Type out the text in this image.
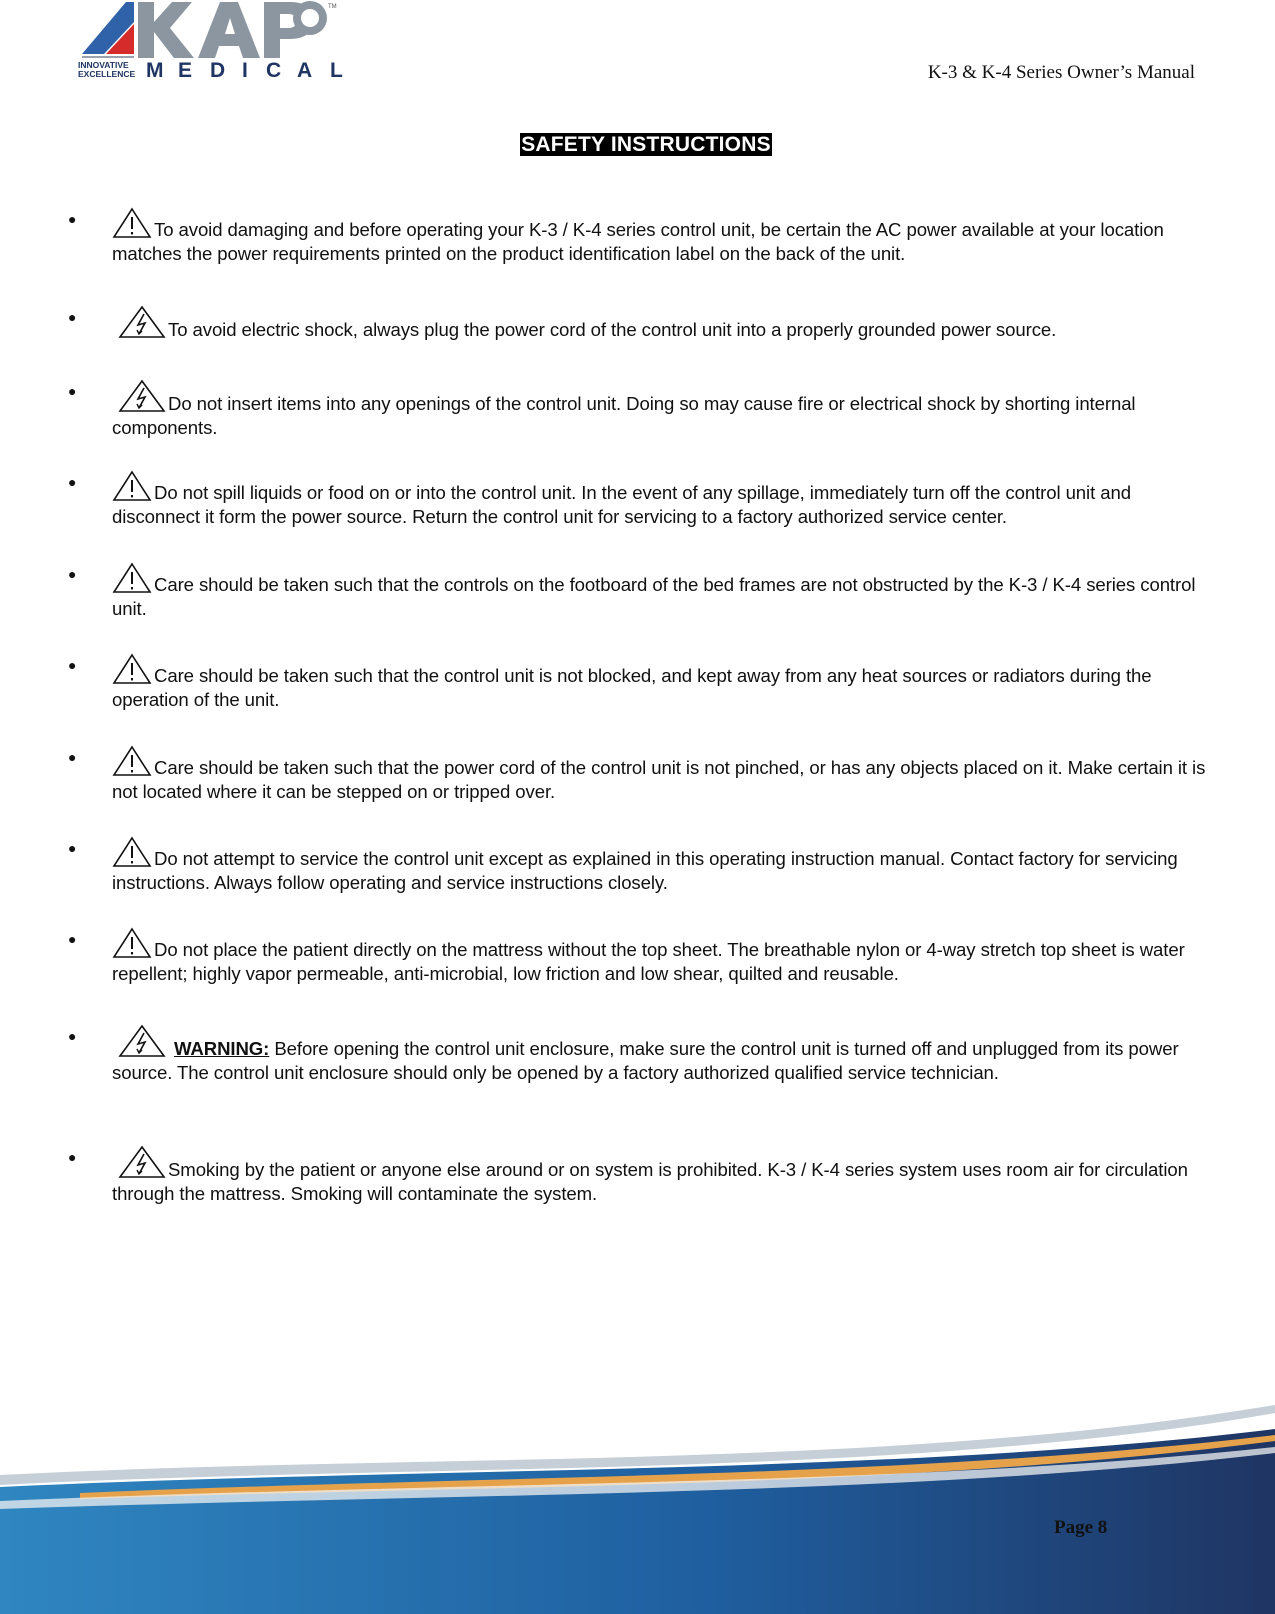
TM
INNOVATIVE
EXCELLENCE M E D I C A L	K-3 & K-4 Series Owner’s Manual
SAFETY INSTRUCTIONS
●	To avoid damaging and before operating your K-3 / K-4 series control unit, be certain the AC power available at your location matches the power requirements printed on the product identification label on the back of the unit.
●
To avoid electric shock, always plug the power cord of the control unit into a properly grounded power source.
●
Do not insert items into any openings of the control unit. Doing so may cause fire or electrical shock by shorting internal components.
●	Do not spill liquids or food on or into the control unit. In the event of any spillage, immediately turn off the control unit and disconnect it form the power source. Return the control unit for servicing to a factory authorized service center.
●	Care should be taken such that the controls on the footboard of the bed frames are not obstructed by the K-3 / K-4 series control unit.
●	Care should be taken such that the control unit is not blocked, and kept away from any heat sources or radiators during the operation of the unit.
●	Care should be taken such that the power cord of the control unit is not pinched, or has any objects placed on it. Make certain it is not located where it can be stepped on or tripped over.
●	Do not attempt to service the control unit except as explained in this operating instruction manual. Contact factory for servicing instructions. Always follow operating and service instructions closely.
●	Do not place the patient directly on the mattress without the top sheet. The breathable nylon or 4-way stretch top sheet is water repellent; highly vapor permeable, anti-microbial, low friction and low shear, quilted and reusable.
●
WARNING: Before opening the control unit enclosure, make sure the control unit is turned off and unplugged from its power source. The control unit enclosure should only be opened by a factory authorized qualified service technician.
●
Smoking by the patient or anyone else around or on system is prohibited. K-3 / K-4 series system uses room air for circulation through the mattress. Smoking will contaminate the system.
Page 8
